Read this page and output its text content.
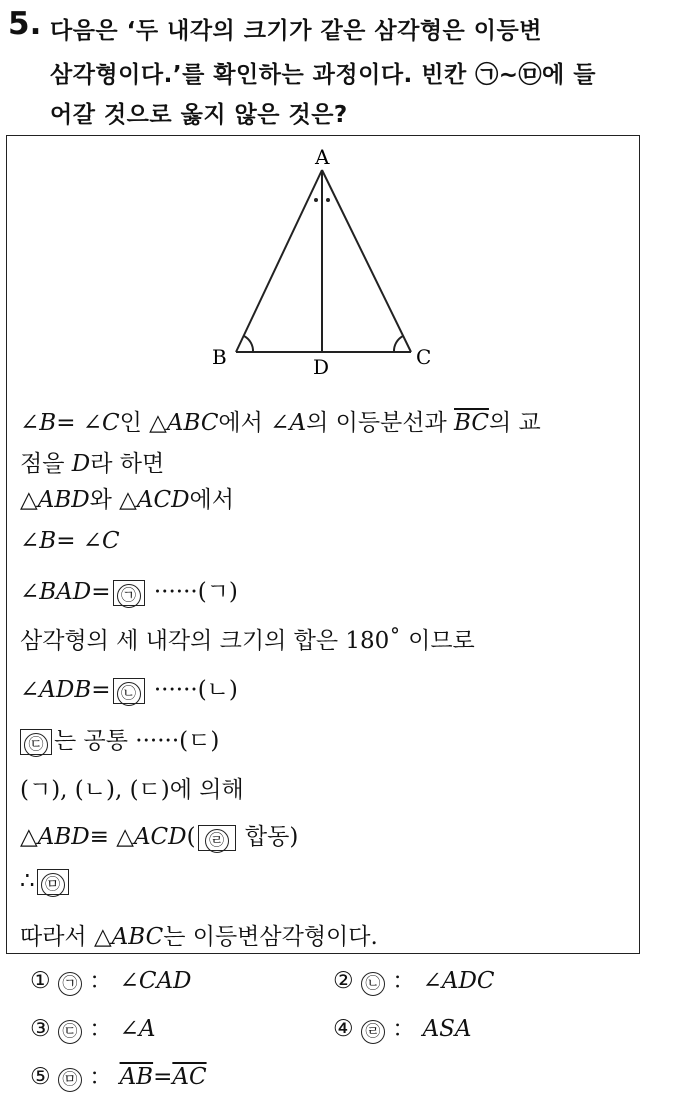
5. 다음은 ‘두 내각의 크기가 같은 삼각형은 이등변
삼각형이다.’를 확인하는 과정이다. 빈칸 ㉠~㉤에 들
어갈 것으로 옳지 않은 것은?
A
B	C
D
∠B= ∠C인 △ABC에서 ∠A의 이등분선과 $\overline{BC}$의 교
점을 D라 하면
△ABD와 △ACD에서
∠B= ∠C
∠BAD= ㉠ ······(ㄱ)
삼각형의 세 내각의 크기의 합은 180˚ 이므로
∠ADB= ㉡ ······(ㄴ)
㉢ 는 공통 ······(ㄷ)
(ㄱ), (ㄴ), (ㄷ)에 의해
△ABD≡ △ACD( ㉣ 합동)
∴ ㉤
따라서 △ABC는 이등변삼각형이다.
① ㉠ ： ∠CAD	② ㉡ ： ∠ADC
③ ㉢ ： ∠A	④ ㉣ ： ASA
⑤ ㉤ ： $\overline{AB}=\overline{AC}$
